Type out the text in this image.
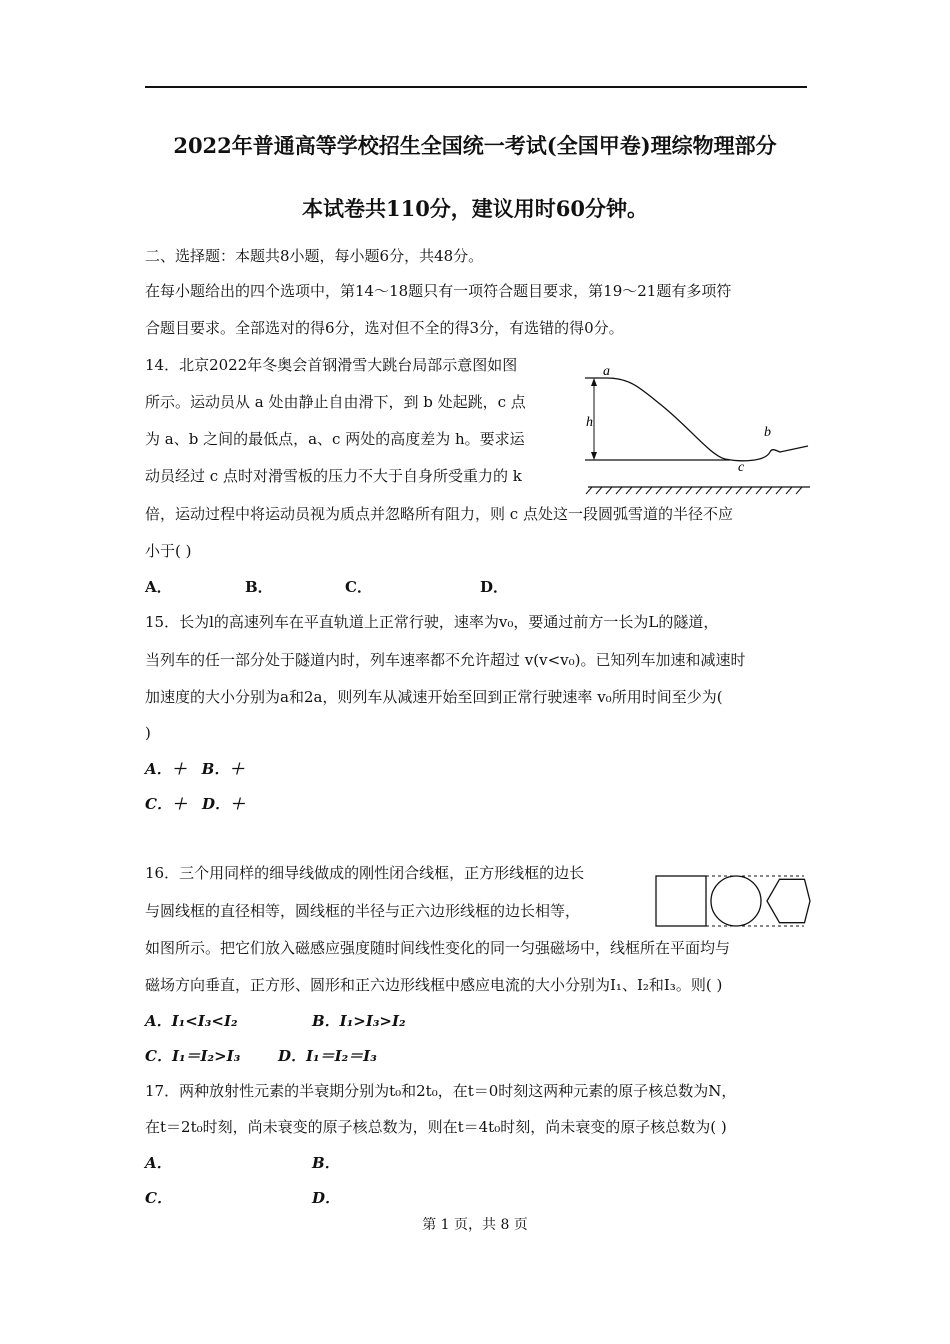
2022年普通高等学校招生全国统一考试(全国甲卷)理综物理部分
本试卷共110分，建议用时60分钟。
二、选择题：本题共8小题，每小题6分，共48分。
在每小题给出的四个选项中，第14～18题只有一项符合题目要求，第19～21题有多项符
合题目要求。全部选对的得6分，选对但不全的得3分，有选错的得0分。
14．北京2022年冬奥会首钢滑雪大跳台局部示意图如图
所示。运动员从 a 处由静止自由滑下，到 b 处起跳，c 点
为 a、b 之间的最低点，a、c 两处的高度差为 h。要求运
动员经过 c 点时对滑雪板的压力不大于自身所受重力的 k
倍，运动过程中将运动员视为质点并忽略所有阻力，则 c 点处这一段圆弧雪道的半径不应
小于( )
A．	B．	C．	D．
a
h
c
b
15．长为l的高速列车在平直轨道上正常行驶，速率为v₀，要通过前方一长为L的隧道，
当列车的任一部分处于隧道内时，列车速率都不允许超过 v(v<v₀)。已知列车加速和减速时
加速度的大小分别为a和2a，则列车从减速开始至回到正常行驶速率 v₀所用时间至少为(
)
A．＋　B．＋
C．＋　D．＋
16．三个用同样的细导线做成的刚性闭合线框，正方形线框的边长
与圆线框的直径相等，圆线框的半径与正六边形线框的边长相等，
如图所示。把它们放入磁感应强度随时间线性变化的同一匀强磁场中，线框所在平面均与
磁场方向垂直，正方形、圆形和正六边形线框中感应电流的大小分别为I₁、I₂和I₃。则( )
A．I₁<I₃<I₂	B．I₁>I₃>I₂
C．I₁＝I₂>I₃	D．I₁＝I₂＝I₃
17．两种放射性元素的半衰期分别为t₀和2t₀，在t＝0时刻这两种元素的原子核总数为N，
在t＝2t₀时刻，尚未衰变的原子核总数为，则在t＝4t₀时刻，尚未衰变的原子核总数为( )
A．	B．
C．	D．
第 1 页，共 8 页
